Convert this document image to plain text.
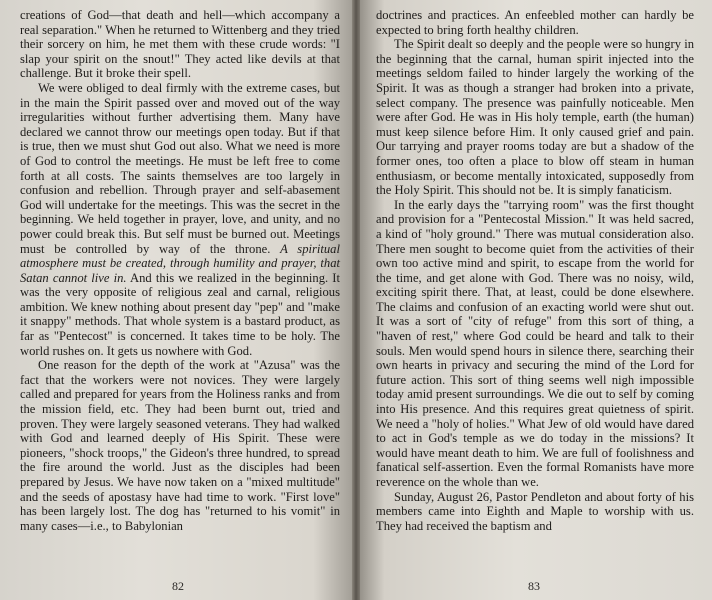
creations of God—that death and hell—which accompany a real separation." When he returned to Wittenberg and they tried their sorcery on him, he met them with these crude words: "I slap your spirit on the snout!" They acted like devils at that challenge. But it broke their spell.

We were obliged to deal firmly with the extreme cases, but in the main the Spirit passed over and moved out of the way irregularities without further advertising them. Many have declared we cannot throw our meetings open today. But if that is true, then we must shut God out also. What we need is more of God to control the meetings. He must be left free to come forth at all costs. The saints themselves are too largely in confusion and rebellion. Through prayer and self-abasement God will undertake for the meetings. This was the secret in the beginning. We held together in prayer, love, and unity, and no power could break this. But self must be burned out. Meetings must be controlled by way of the throne. A spiritual atmosphere must be created, through humility and prayer, that Satan cannot live in. And this we realized in the beginning. It was the very opposite of religious zeal and carnal, religious ambition. We knew nothing about present day "pep" and "make it snappy" methods. That whole system is a bastard product, as far as "Pentecost" is concerned. It takes time to be holy. The world rushes on. It gets us nowhere with God.

One reason for the depth of the work at "Azusa" was the fact that the workers were not novices. They were largely called and prepared for years from the Holiness ranks and from the mission field, etc. They had been burnt out, tried and proven. They were largely seasoned veterans. They had walked with God and learned deeply of His Spirit. These were pioneers, "shock troops," the Gideon's three hundred, to spread the fire around the world. Just as the disciples had been prepared by Jesus. We have now taken on a "mixed multitude" and the seeds of apostasy have had time to work. "First love" has been largely lost. The dog has "returned to his vomit" in many cases—i.e., to Babylonian

82

doctrines and practices. An enfeebled mother can hardly be expected to bring forth healthy children.

The Spirit dealt so deeply and the people were so hungry in the beginning that the carnal, human spirit injected into the meetings seldom failed to hinder largely the working of the Spirit. It was as though a stranger had broken into a private, select company. The presence was painfully noticeable. Men were after God. He was in His holy temple, earth (the human) must keep silence before Him. It only caused grief and pain. Our tarrying and prayer rooms today are but a shadow of the former ones, too often a place to blow off steam in human enthusiasm, or become mentally intoxicated, supposedly from the Holy Spirit. This should not be. It is simply fanaticism.

In the early days the "tarrying room" was the first thought and provision for a "Pentecostal Mission." It was held sacred, a kind of "holy ground." There was mutual consideration also. There men sought to become quiet from the activities of their own too active mind and spirit, to escape from the world for the time, and get alone with God. There was no noisy, wild, exciting spirit there. That, at least, could be done elsewhere. The claims and confusion of an exacting world were shut out. It was a sort of "city of refuge" from this sort of thing, a "haven of rest," where God could be heard and talk to their souls. Men would spend hours in silence there, searching their own hearts in privacy and securing the mind of the Lord for future action. This sort of thing seems well nigh impossible today amid present surroundings. We die out to self by coming into His presence. And this requires great quietness of spirit. We need a "holy of holies." What Jew of old would have dared to act in God's temple as we do today in the missions? It would have meant death to him. We are full of foolishness and fanatical self-assertion. Even the formal Romanists have more reverence on the whole than we.

Sunday, August 26, Pastor Pendleton and about forty of his members came into Eighth and Maple to worship with us. They had received the baptism and

83
